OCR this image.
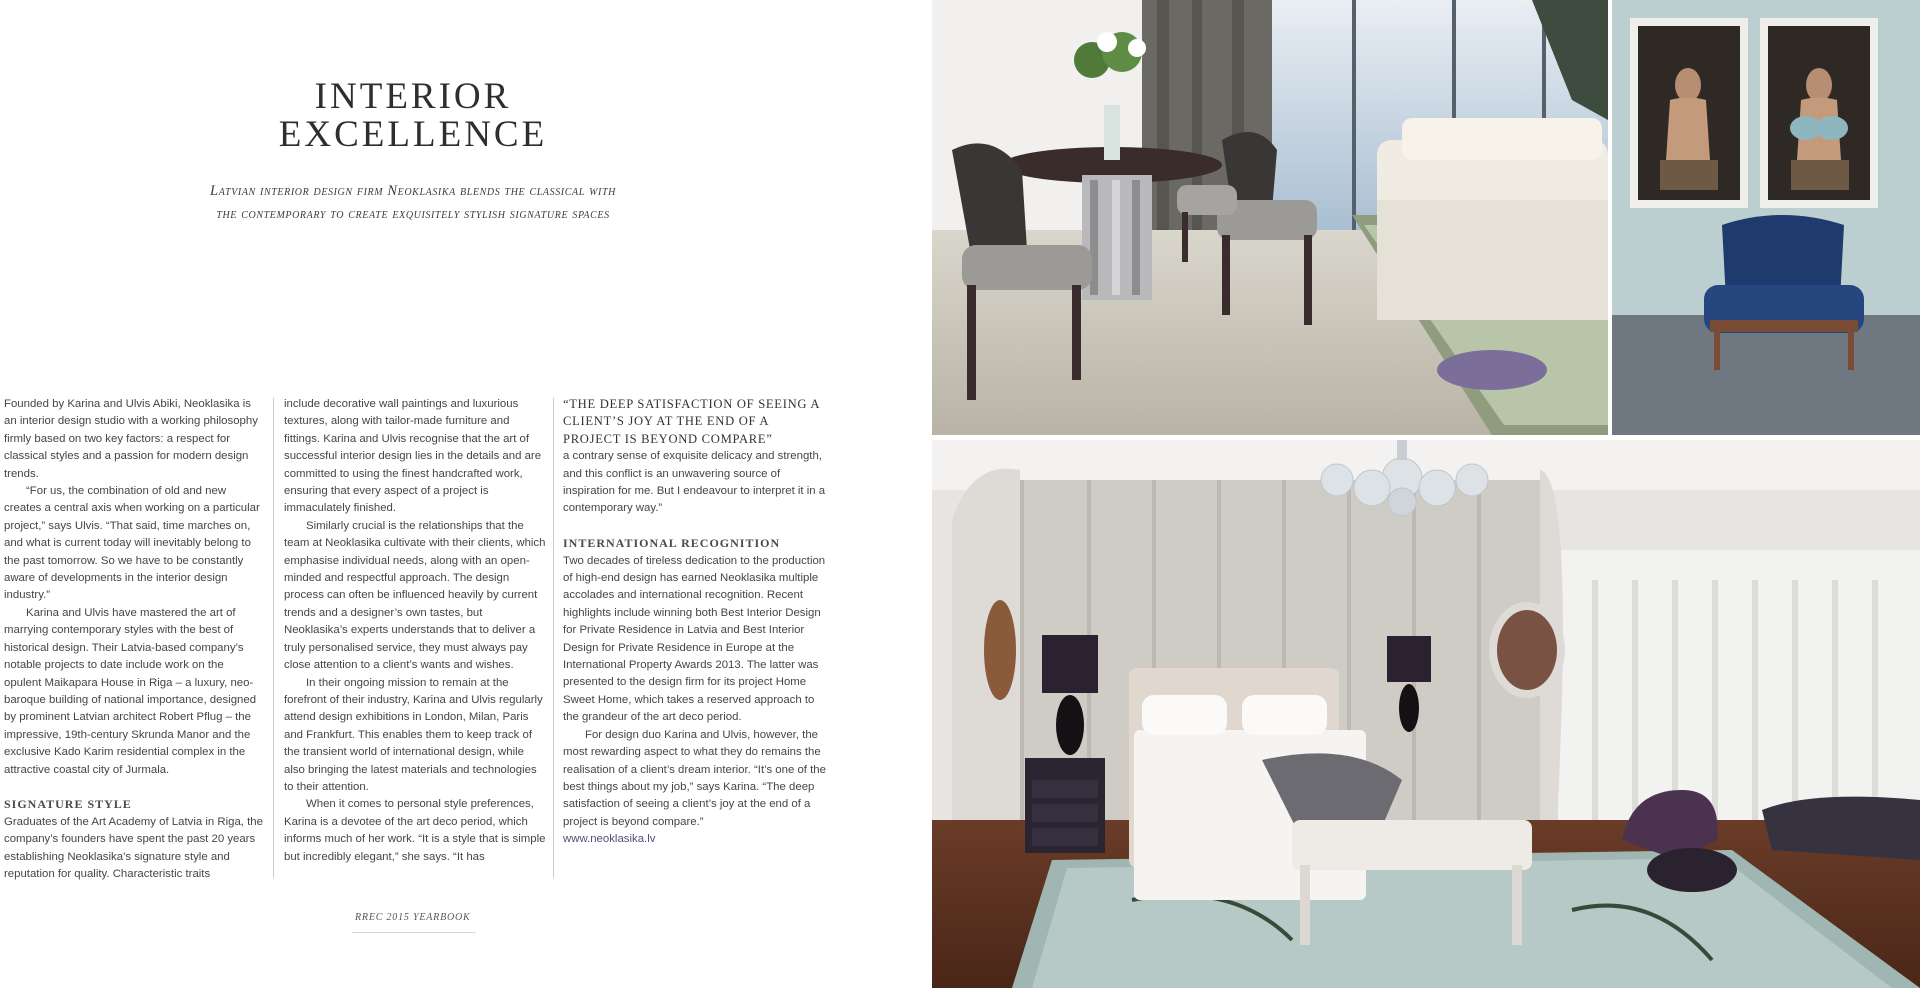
INTERIOR
EXCELLENCE
Latvian interior design firm Neoklasika blends the classical with the contemporary to create exquisitely stylish signature spaces

Founded by Karina and Ulvis Abiki, Neoklasika is an interior design studio with a working philosophy firmly based on two key factors: a respect for classical styles and a passion for modern design trends.

“For us, the combination of old and new creates a central axis when working on a particular project,” says Ulvis. “That said, time marches on, and what is current today will inevitably belong to the past tomorrow. So we have to be constantly aware of developments in the interior design industry.”

Karina and Ulvis have mastered the art of marrying contemporary styles with the best of historical design. Their Latvia-based company’s notable projects to date include work on the opulent Maikapara House in Riga – a luxury, neo-baroque building of national importance, designed by prominent Latvian architect Robert Pflug – the impressive, 19th-century Skrunda Manor and the exclusive Kado Karim residential complex in the attractive coastal city of Jurmala.

SIGNATURE STYLE

Graduates of the Art Academy of Latvia in Riga, the company’s founders have spent the past 20 years establishing Neoklasika’s signature style and reputation for quality. Characteristic traits

include decorative wall paintings and luxurious textures, along with tailor-made furniture and fittings. Karina and Ulvis recognise that the art of successful interior design lies in the details and are committed to using the finest handcrafted work, ensuring that every aspect of a project is immaculately finished.

Similarly crucial is the relationships that the team at Neoklasika cultivate with their clients, which emphasise individual needs, along with an open-minded and respectful approach. The design process can often be influenced heavily by current trends and a designer’s own tastes, but Neoklasika’s experts understands that to deliver a truly personalised service, they must always pay close attention to a client’s wants and wishes.

In their ongoing mission to remain at the forefront of their industry, Karina and Ulvis regularly attend design exhibitions in London, Milan, Paris and Frankfurt. This enables them to keep track of the transient world of international design, while also bringing the latest materials and technologies to their attention.

When it comes to personal style preferences, Karina is a devotee of the art deco period, which informs much of her work. “It is a style that is simple but incredibly elegant,” she says. “It has

“THE DEEP SATISFACTION OF SEEING A CLIENT’S JOY AT THE END OF A PROJECT IS BEYOND COMPARE”

a contrary sense of exquisite delicacy and strength, and this conflict is an unwavering source of inspiration for me. But I endeavour to interpret it in a contemporary way.”

INTERNATIONAL RECOGNITION

Two decades of tireless dedication to the production of high-end design has earned Neoklasika multiple accolades and international recognition. Recent highlights include winning both Best Interior Design for Private Residence in Latvia and Best Interior Design for Private Residence in Europe at the International Property Awards 2013. The latter was presented to the design firm for its project Home Sweet Home, which takes a reserved approach to the grandeur of the art deco period.

For design duo Karina and Ulvis, however, the most rewarding aspect to what they do remains the realisation of a client’s dream interior. “It’s one of the best things about my job,” says Karina. “The deep satisfaction of seeing a client’s joy at the end of a project is beyond compare.”

www.neoklasika.lv

RREC 2015 YEARBOOK
